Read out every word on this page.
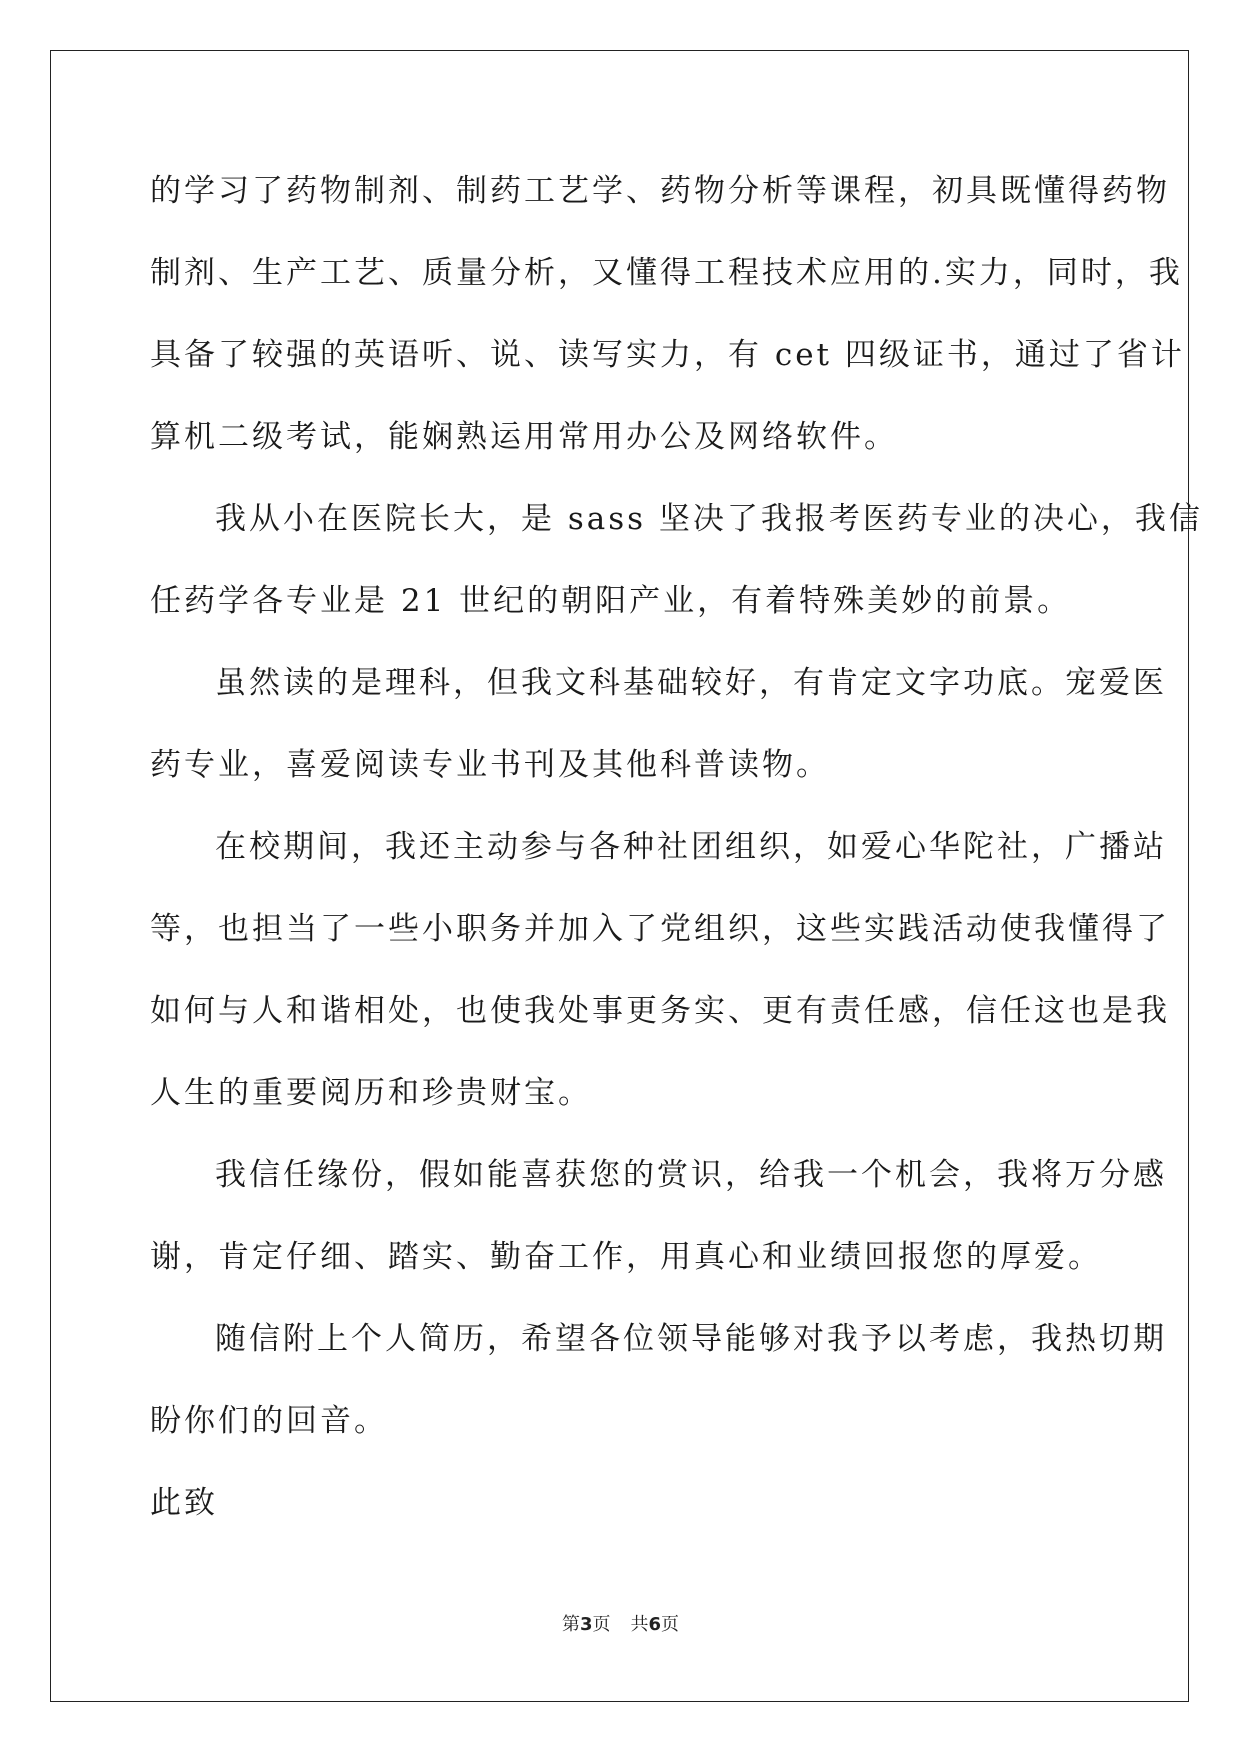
的学习了药物制剂、制药工艺学、药物分析等课程，初具既懂得药物
制剂、生产工艺、质量分析，又懂得工程技术应用的.实力，同时，我
具备了较强的英语听、说、读写实力，有 cet 四级证书，通过了省计
算机二级考试，能娴熟运用常用办公及网络软件。
我从小在医院长大，是 sass 坚决了我报考医药专业的决心，我信
任药学各专业是 21 世纪的朝阳产业，有着特殊美妙的前景。
虽然读的是理科，但我文科基础较好，有肯定文字功底。宠爱医
药专业，喜爱阅读专业书刊及其他科普读物。
在校期间，我还主动参与各种社团组织，如爱心华陀社，广播站
等，也担当了一些小职务并加入了党组织，这些实践活动使我懂得了
如何与人和谐相处，也使我处事更务实、更有责任感，信任这也是我
人生的重要阅历和珍贵财宝。
我信任缘份，假如能喜获您的赏识，给我一个机会，我将万分感
谢，肯定仔细、踏实、勤奋工作，用真心和业绩回报您的厚爱。
随信附上个人简历，希望各位领导能够对我予以考虑，我热切期
盼你们的回音。
此致
第3页 共6页
